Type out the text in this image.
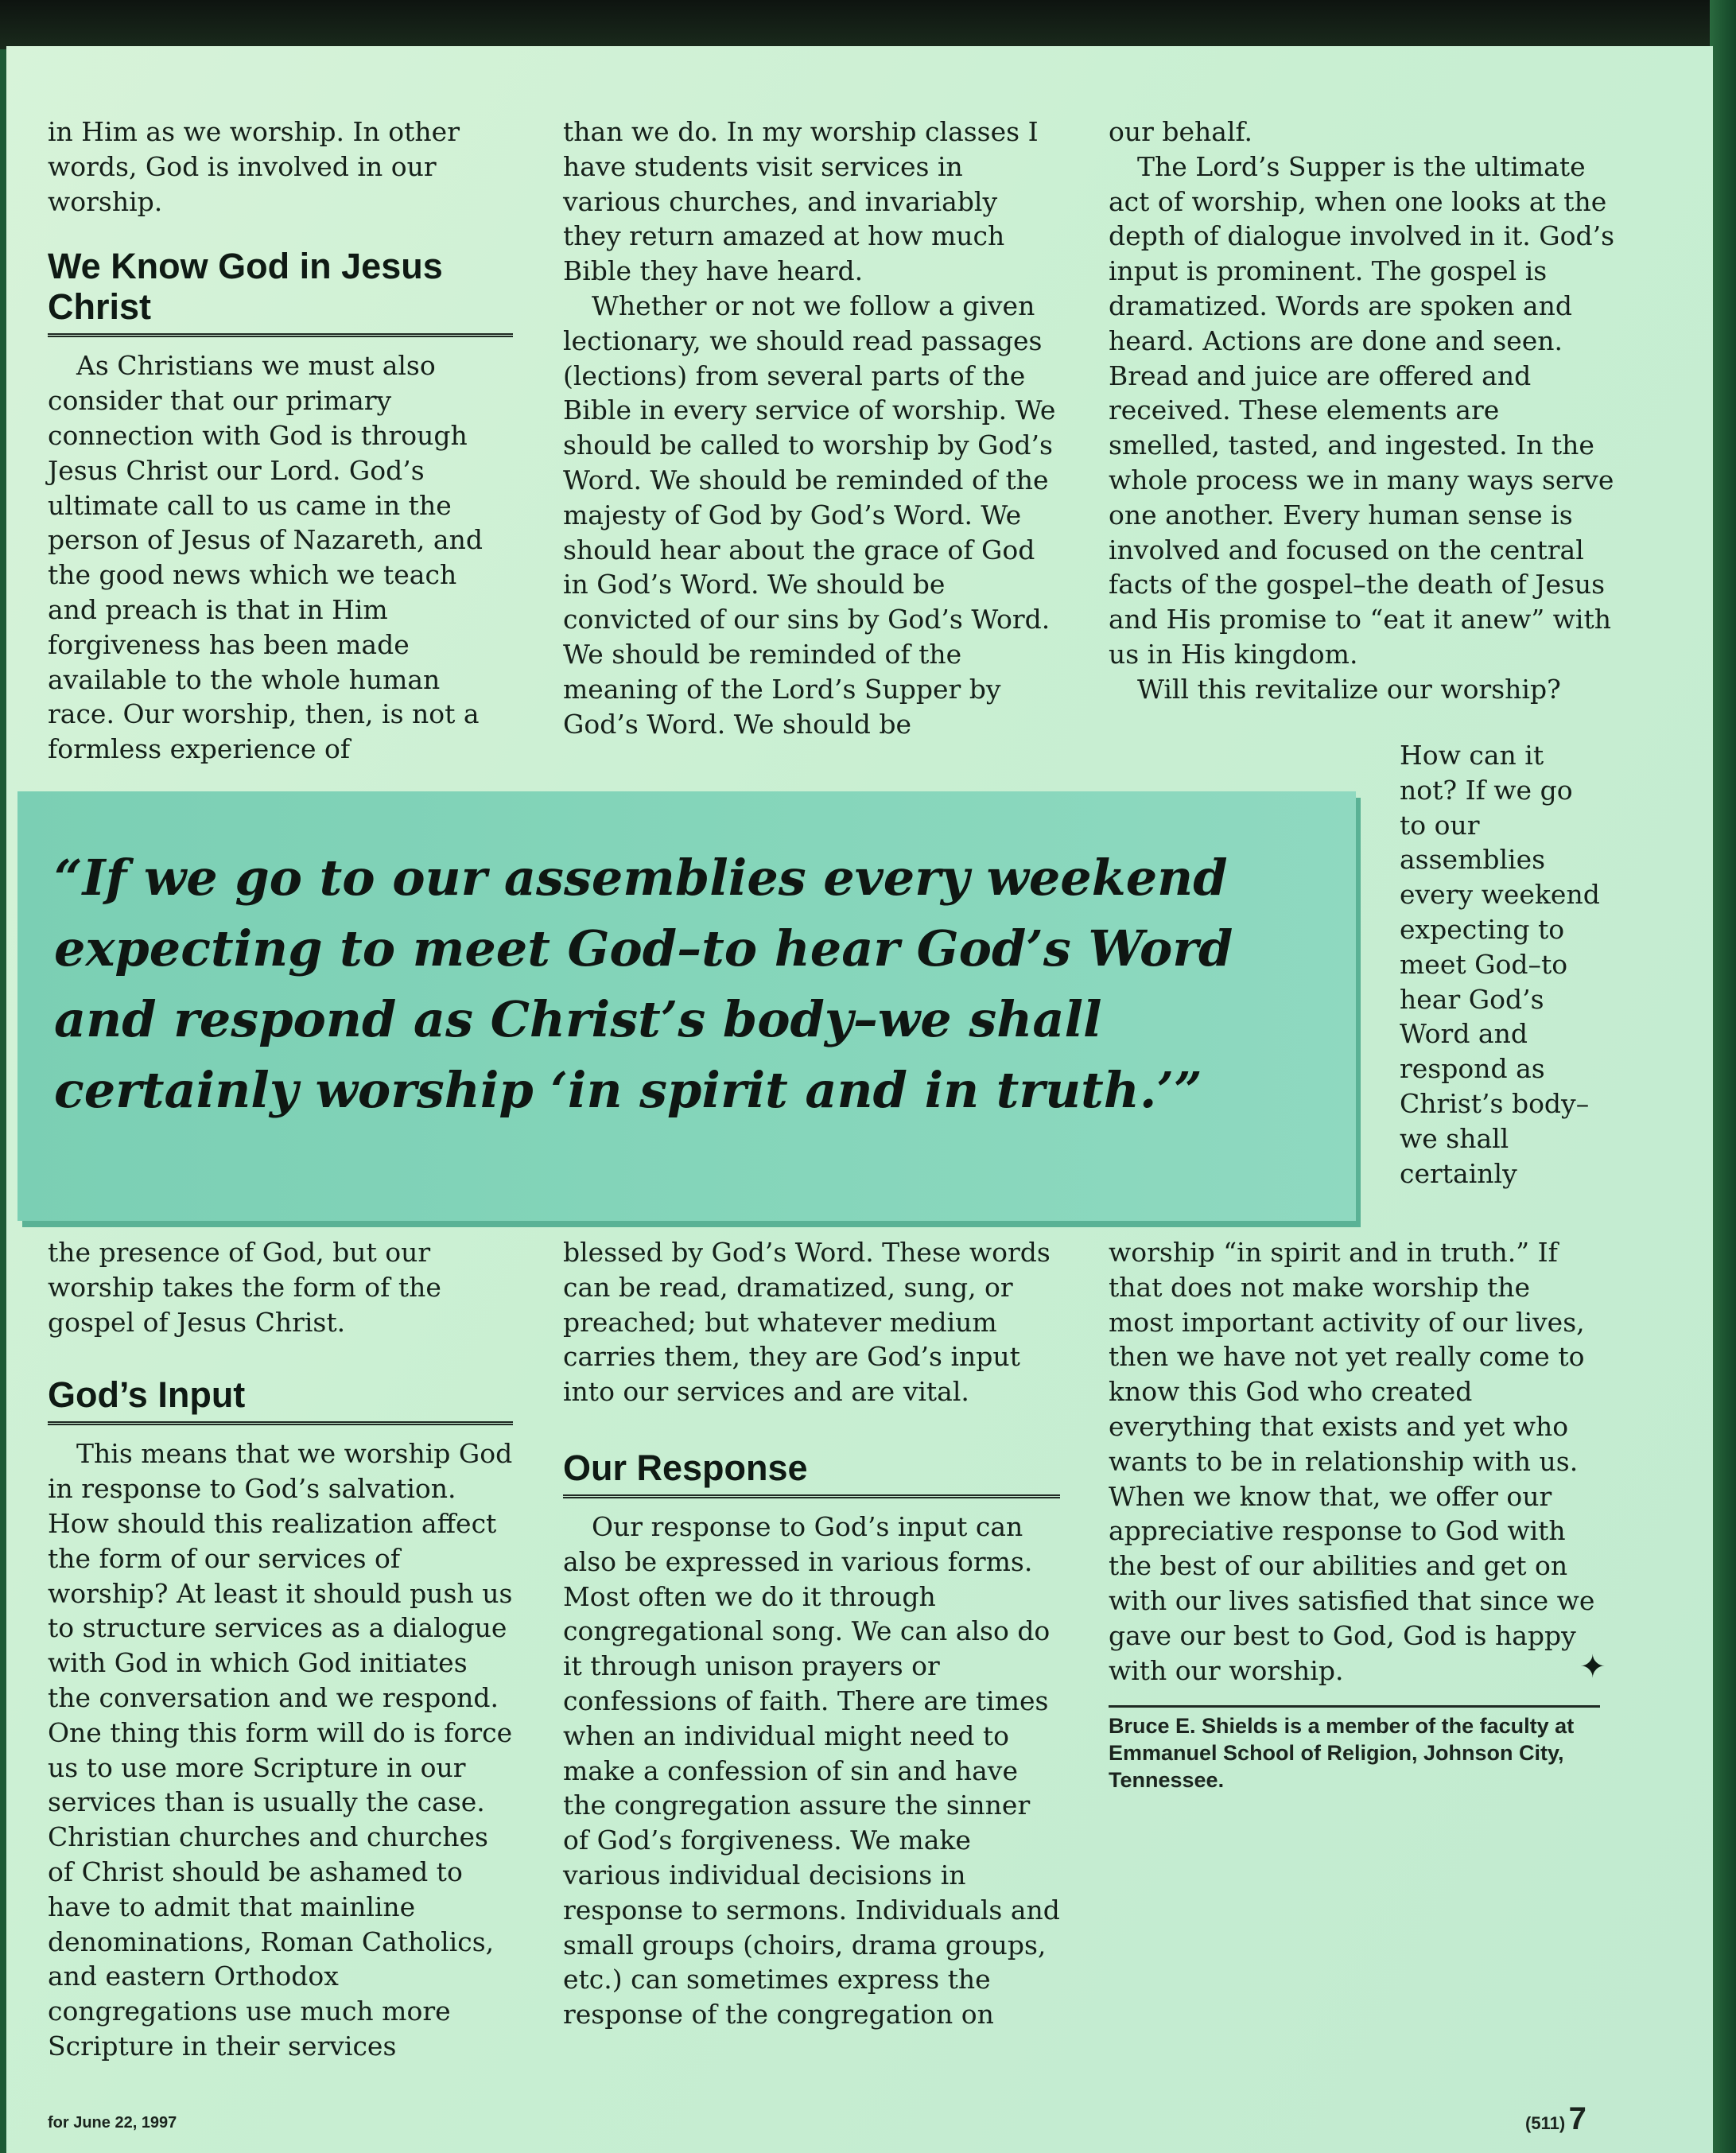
in Him as we worship. In other words, God is involved in our worship.

We Know God in Jesus Christ

As Christians we must also consider that our primary connection with God is through Jesus Christ our Lord. God’s ultimate call to us came in the person of Jesus of Nazareth, and the good news which we teach and preach is that in Him forgiveness has been made available to the whole human race. Our worship, then, is not a formless experience of

than we do. In my worship classes I have students visit services in various churches, and invariably they return amazed at how much Bible they have heard.

Whether or not we follow a given lectionary, we should read passages (lections) from several parts of the Bible in every service of worship. We should be called to worship by God’s Word. We should be reminded of the majesty of God by God’s Word. We should hear about the grace of God in God’s Word. We should be convicted of our sins by God’s Word. We should be reminded of the meaning of the Lord’s Supper by God’s Word. We should be

our behalf.

The Lord’s Supper is the ultimate act of worship, when one looks at the depth of dialogue involved in it. God’s input is prominent. The gospel is dramatized. Words are spoken and heard. Actions are done and seen. Bread and juice are offered and received. These elements are smelled, tasted, and ingested. In the whole process we in many ways serve one another. Every human sense is involved and focused on the central facts of the gospel–the death of Jesus and His promise to “eat it anew” with us in His kingdom.

Will this revitalize our worship?

“If we go to our assemblies every weekend expecting to meet God–to hear God’s Word and respond as Christ’s body–we shall certainly worship ‘in spirit and in truth.’”
How can it not? If we go to our assemblies every weekend expecting to meet God–to hear God’s Word and respond as Christ’s body–we shall certainly

the presence of God, but our worship takes the form of the gospel of Jesus Christ.

God’s Input

This means that we worship God in response to God’s salvation. How should this realization affect the form of our services of worship? At least it should push us to structure services as a dialogue with God in which God initiates the conversation and we respond. One thing this form will do is force us to use more Scripture in our services than is usually the case. Christian churches and churches of Christ should be ashamed to have to admit that mainline denominations, Roman Catholics, and eastern Orthodox congregations use much more Scripture in their services

blessed by God’s Word. These words can be read, dramatized, sung, or preached; but whatever medium carries them, they are God’s input into our services and are vital.

Our Response

Our response to God’s input can also be expressed in various forms. Most often we do it through congregational song. We can also do it through unison prayers or confessions of faith. There are times when an individual might need to make a confession of sin and have the congregation assure the sinner of God’s forgiveness. We make various individual decisions in response to sermons. Individuals and small groups (choirs, drama groups, etc.) can sometimes express the response of the congregation on

worship “in spirit and in truth.” If that does not make worship the most important activity of our lives, then we have not yet really come to know this God who created everything that exists and yet who wants to be in relationship with us. When we know that, we offer our appreciative response to God with the best of our abilities and get on with our lives satisfied that since we gave our best to God, God is happy with our worship.

Bruce E. Shields is a member of the faculty at Emmanuel School of Religion, Johnson City, Tennessee.
✦
for June 22, 1997	(511) 7
